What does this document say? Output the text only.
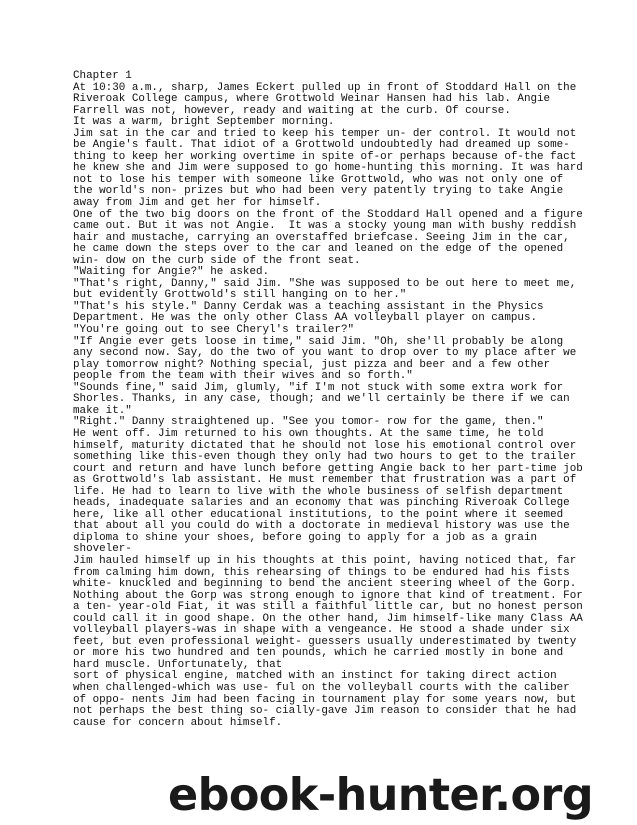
Chapter 1
At 10:30 a.m., sharp, James Eckert pulled up in front of Stoddard Hall on the
Riveroak College campus, where Grottwold Weinar Hansen had his lab. Angie
Farrell was not, however, ready and waiting at the curb. Of course.
It was a warm, bright September morning.
Jim sat in the car and tried to keep his temper un- der control. It would not
be Angie's fault. That idiot of a Grottwold undoubtedly had dreamed up some-
thing to keep her working overtime in spite of-or perhaps because of-the fact
he knew she and Jim were supposed to go home-hunting this morning. It was hard
not to lose his temper with someone like Grottwold, who was not only one of
the world's non- prizes but who had been very patently trying to take Angie
away from Jim and get her for himself.
One of the two big doors on the front of the Stoddard Hall opened and a figure
came out. But it was not Angie.  It was a stocky young man with bushy reddish
hair and mustache, carrying an overstaffed briefcase. Seeing Jim in the car,
he came down the steps over to the car and leaned on the edge of the opened
win- dow on the curb side of the front seat.
"Waiting for Angie?" he asked.
"That's right, Danny," said Jim. "She was supposed to be out here to meet me,
but evidently Grottwold's still hanging on to her."
"That's his style." Danny Cerdak was a teaching assistant in the Physics
Department. He was the only other Class AA volleyball player on campus.
"You're going out to see Cheryl's trailer?"
"If Angie ever gets loose in time," said Jim. "Oh, she'll probably be along
any second now. Say, do the two of you want to drop over to my place after we
play tomorrow night? Nothing special, just pizza and beer and a few other
people from the team with their wives and so forth."
"Sounds fine," said Jim, glumly, "if I'm not stuck with some extra work for
Shorles. Thanks, in any case, though; and we'll certainly be there if we can
make it."
"Right." Danny straightened up. "See you tomor- row for the game, then."
He went off. Jim returned to his own thoughts. At the same time, he told
himself, maturity dictated that he should not lose his emotional control over
something like this-even though they only had two hours to get to the trailer
court and return and have lunch before getting Angie back to her part-time job
as Grottwold's lab assistant. He must remember that frustration was a part of
life. He had to learn to live with the whole business of selfish department
heads, inadequate salaries and an economy that was pinching Riveroak College
here, like all other educational institutions, to the point where it seemed
that about all you could do with a doctorate in medieval history was use the
diploma to shine your shoes, before going to apply for a job as a grain
shoveler-
Jim hauled himself up in his thoughts at this point, having noticed that, far
from calming him down, this rehearsing of things to be endured had his fists
white- knuckled and beginning to bend the ancient steering wheel of the Gorp.
Nothing about the Gorp was strong enough to ignore that kind of treatment. For
a ten- year-old Fiat, it was still a faithful little car, but no honest person
could call it in good shape. On the other hand, Jim himself-like many Class AA
volleyball players-was in shape with a vengeance. He stood a shade under six
feet, but even professional weight- guessers usually underestimated by twenty
or more his two hundred and ten pounds, which he carried mostly in bone and
hard muscle. Unfortunately, that
sort of physical engine, matched with an instinct for taking direct action
when challenged-which was use- ful on the volleyball courts with the caliber
of oppo- nents Jim had been facing in tournament play for some years now, but
not perhaps the best thing so- cially-gave Jim reason to consider that he had
cause for concern about himself.
ebook-hunter.org
